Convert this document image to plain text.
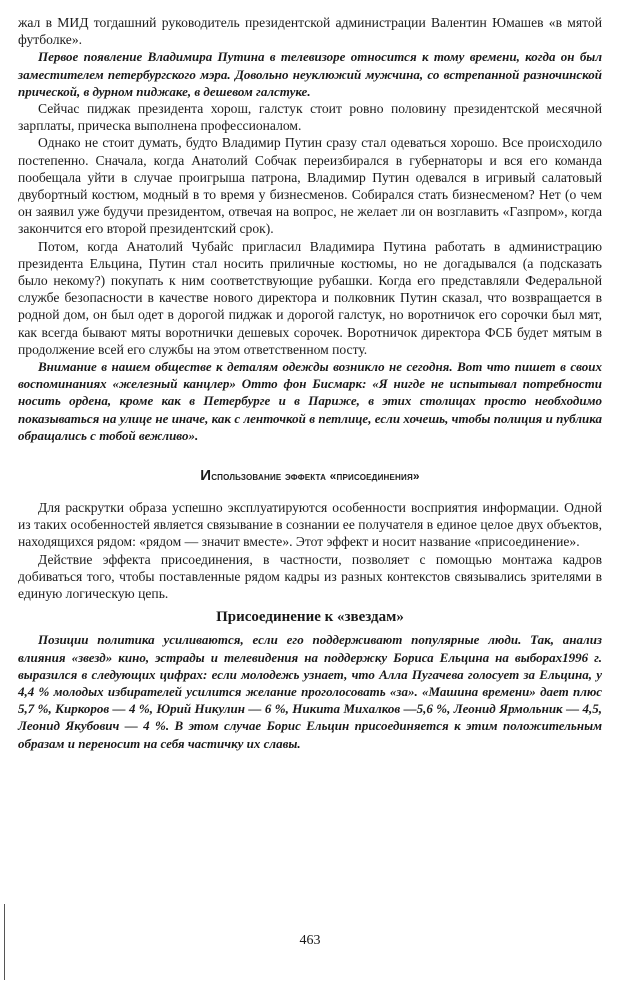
жал в МИД тогдашний руководитель президентской администрации Валентин Юмашев «в мятой футболке».

Первое появление Владимира Путина в телевизоре относится к тому времени, когда он был заместителем петербургского мэра. Довольно неуклюжий мужчина, со встрепанной разночинской прической, в дурном пиджаке, в дешевом галстуке.

Сейчас пиджак президента хорош, галстук стоит ровно половину президентской месячной зарплаты, прическа выполнена профессионалом.

Однако не стоит думать, будто Владимир Путин сразу стал одеваться хорошо. Все происходило постепенно. Сначала, когда Анатолий Собчак переизбирался в губернаторы и вся его команда пообещала уйти в случае проигрыша патрона, Владимир Путин одевался в игривый салатовый двубортный костюм, модный в то время у бизнесменов. Собирался стать бизнесменом? Нет (о чем он заявил уже будучи президентом, отвечая на вопрос, не желает ли он возглавить «Газпром», когда закончится его второй президентский срок).

Потом, когда Анатолий Чубайс пригласил Владимира Путина работать в администрацию президента Ельцина, Путин стал носить приличные костюмы, но не догадывался (а подсказать было некому?) покупать к ним соответствующие рубашки. Когда его представляли Федеральной службе безопасности в качестве нового директора и полковник Путин сказал, что возвращается в родной дом, он был одет в дорогой пиджак и дорогой галстук, но воротничок его сорочки был мят, как всегда бывают мяты воротнички дешевых сорочек. Воротничок директора ФСБ будет мятым в продолжение всей его службы на этом ответственном посту.

Внимание в нашем обществе к деталям одежды возникло не сегодня. Вот что пишет в своих воспоминаниях «железный канцлер» Отто фон Бисмарк: «Я нигде не испытывал потребности носить ордена, кроме как в Петербурге и в Париже, в этих столицах просто необходимо показываться на улице не иначе, как с ленточкой в петлице, если хочешь, чтобы полиция и публика обращались с тобой вежливо».

Использование эффекта «присоединения»

Для раскрутки образа успешно эксплуатируются особенности восприятия информации. Одной из таких особенностей является связывание в сознании ее получателя в единое целое двух объектов, находящихся рядом: «рядом — значит вместе». Этот эффект и носит название «присоединение».

Действие эффекта присоединения, в частности, позволяет с помощью монтажа кадров добиваться того, чтобы поставленные рядом кадры из разных контекстов связывались зрителями в единую логическую цепь.

Присоединение к «звездам»

Позиции политика усиливаются, если его поддерживают популярные люди. Так, анализ влияния «звезд» кино, эстрады и телевидения на поддержку Бориса Ельцина на выборах1996 г. выразился в следующих цифрах: если молодежь узнает, что Алла Пугачева голосует за Ельцина, у 4,4 % молодых избирателей усилится желание проголосовать «за». «Машина времени» дает плюс 5,7 %, Киркоров — 4 %, Юрий Никулин — 6 %, Никита Михалков —5,6 %, Леонид Ярмольник — 4,5, Леонид Якубович — 4 %. В этом случае Борис Ельцин присоединяется к этим положительным образам и переносит на себя частичку их славы.

463
